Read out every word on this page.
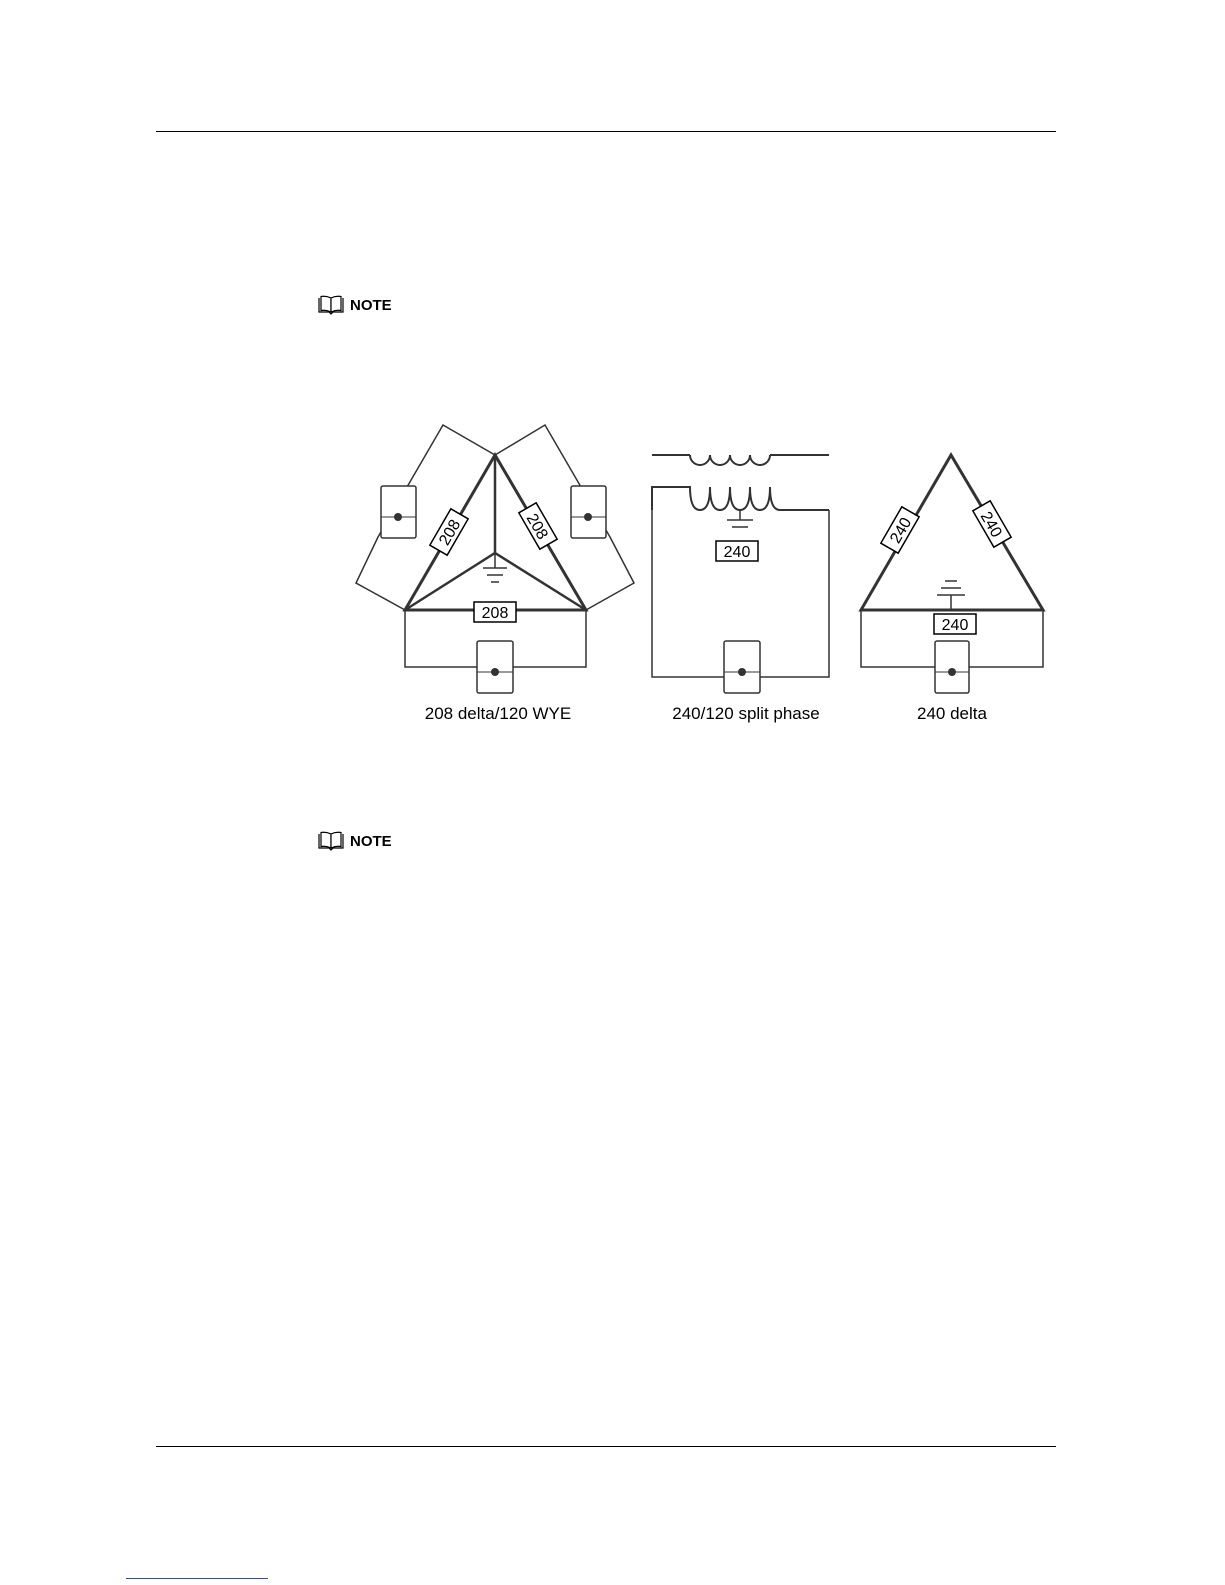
NOTE
208	208
208
208 delta/120 WYE
240
240/120 split phase
240	240
240
240 delta
NOTE
